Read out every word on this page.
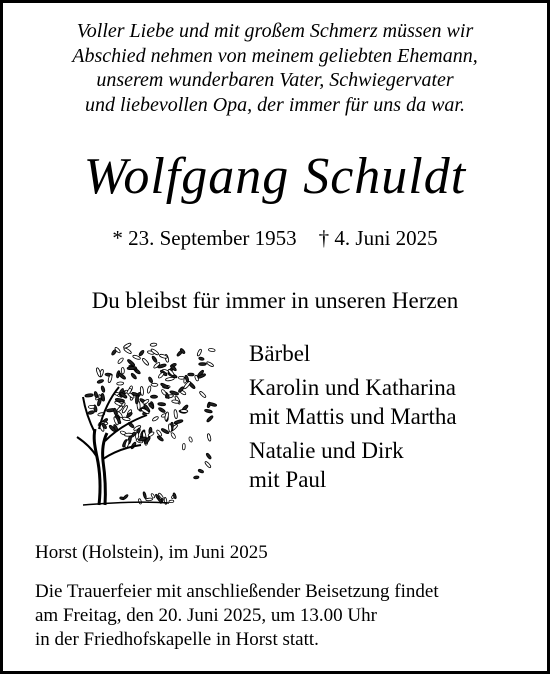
Voller Liebe und mit großem Schmerz müssen wir
Abschied nehmen von meinem geliebten Ehemann,
unserem wunderbaren Vater, Schwiegervater
und liebevollen Opa, der immer für uns da war.
Wolfgang Schuldt
* 23. September 1953 † 4. Juni 2025
Du bleibst für immer in unseren Herzen
Bärbel
Karolin und Katharina
mit Mattis und Martha
Natalie und Dirk
mit Paul
Horst (Holstein), im Juni 2025
Die Trauerfeier mit anschließender Beisetzung findet
am Freitag, den 20. Juni 2025, um 13.00 Uhr
in der Friedhofskapelle in Horst statt.
